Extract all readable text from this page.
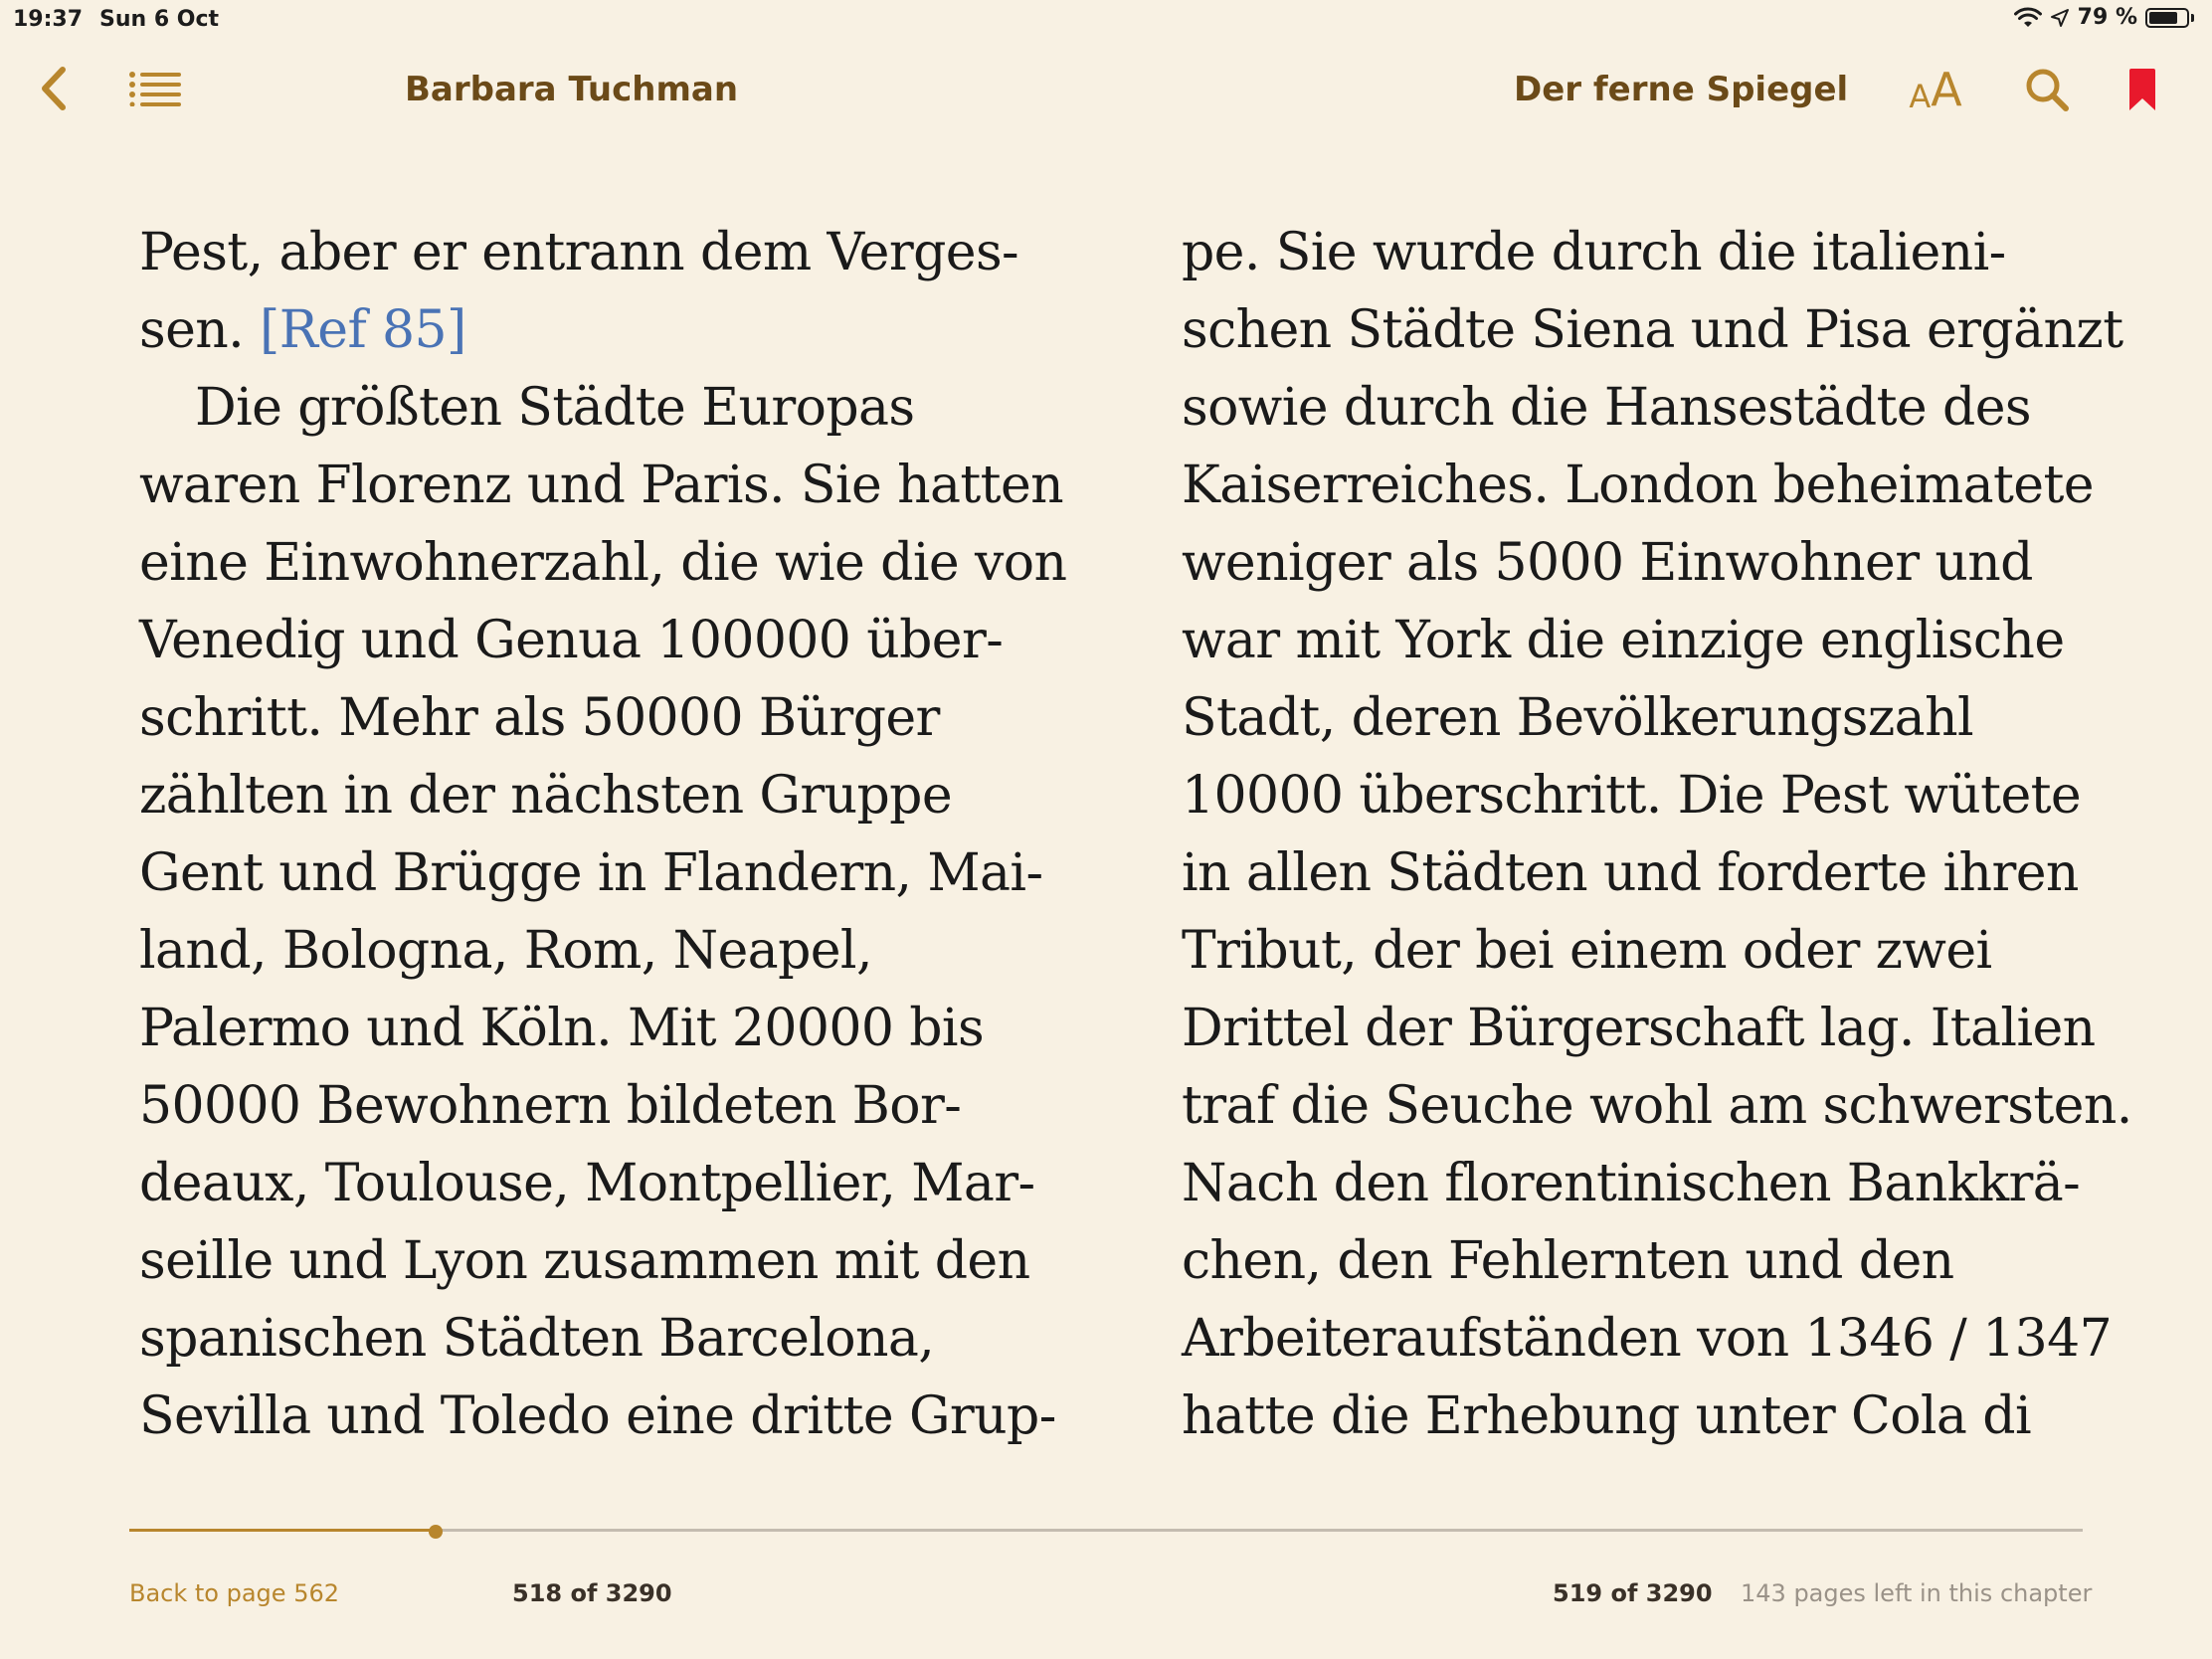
19:37 Sun 6 Oct	79 %
Barbara Tuchman	Der ferne Spiegel A A
Pest, aber er entrann dem Verges-
sen. [Ref 85]
Die größten Städte Europas
waren Florenz und Paris. Sie hatten
eine Einwohnerzahl, die wie die von
Venedig und Genua 100000 über-
schritt. Mehr als 50000 Bürger
zählten in der nächsten Gruppe
Gent und Brügge in Flandern, Mai-
land, Bologna, Rom, Neapel,
Palermo und Köln. Mit 20000 bis
50000 Bewohnern bildeten Bor-
deaux, Toulouse, Montpellier, Mar-
seille und Lyon zusammen mit den
spanischen Städten Barcelona,
Sevilla und Toledo eine dritte Grup-
pe. Sie wurde durch die italieni-
schen Städte Siena und Pisa ergänzt
sowie durch die Hansestädte des
Kaiserreiches. London beheimatete
weniger als 5000 Einwohner und
war mit York die einzige englische
Stadt, deren Bevölkerungszahl
10000 überschritt. Die Pest wütete
in allen Städten und forderte ihren
Tribut, der bei einem oder zwei
Drittel der Bürgerschaft lag. Italien
traf die Seuche wohl am schwersten.
Nach den florentinischen Bankkrä-
chen, den Fehlernten und den
Arbeiteraufständen von 1346 / 1347
hatte die Erhebung unter Cola di
Back to page 562	518 of 3290	519 of 3290 143 pages left in this chapter
